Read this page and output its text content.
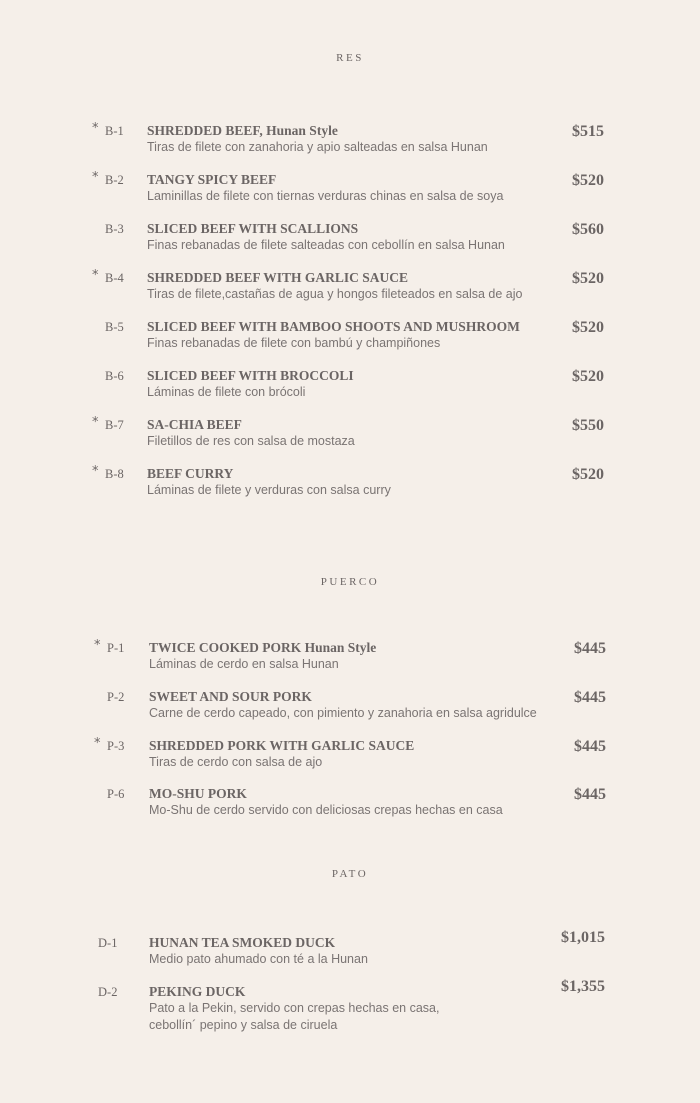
RES
* B-1 SHREDDED BEEF, Hunan Style
Tiras de filete con zanahoria y apio salteadas en salsa Hunan
$515
* B-2 TANGY SPICY BEEF
Laminillas de filete con tiernas verduras chinas en salsa de soya
$520
B-3 SLICED BEEF WITH SCALLIONS
Finas rebanadas de filete salteadas con cebollín en salsa Hunan
$560
* B-4 SHREDDED BEEF WITH GARLIC SAUCE
Tiras de filete,castañas de agua y hongos fileteados en salsa de ajo
$520
B-5 SLICED BEEF WITH BAMBOO SHOOTS AND MUSHROOM
Finas rebanadas de filete con bambú y champiñones
$520
B-6 SLICED BEEF WITH BROCCOLI
Láminas de filete con brócoli
$520
* B-7 SA-CHIA BEEF
Filetillos de res con salsa de mostaza
$550
* B-8 BEEF CURRY
Láminas de filete y verduras con salsa curry
$520
PUERCO
* P-1 TWICE COOKED PORK Hunan Style
Láminas de cerdo en salsa Hunan
$445
P-2 SWEET AND SOUR PORK
Carne de cerdo capeado, con pimiento y zanahoria en salsa agridulce
$445
* P-3 SHREDDED PORK WITH GARLIC SAUCE
Tiras de cerdo con salsa de ajo
$445
P-6 MO-SHU PORK
Mo-Shu de cerdo servido con deliciosas crepas hechas en casa
$445
PATO
D-1 HUNAN TEA SMOKED DUCK
Medio pato ahumado con té a la Hunan
$1,015
D-2 PEKING DUCK
Pato a la Pekin, servido con crepas hechas en casa,
cebollín´ pepino y salsa de ciruela
$1,355
